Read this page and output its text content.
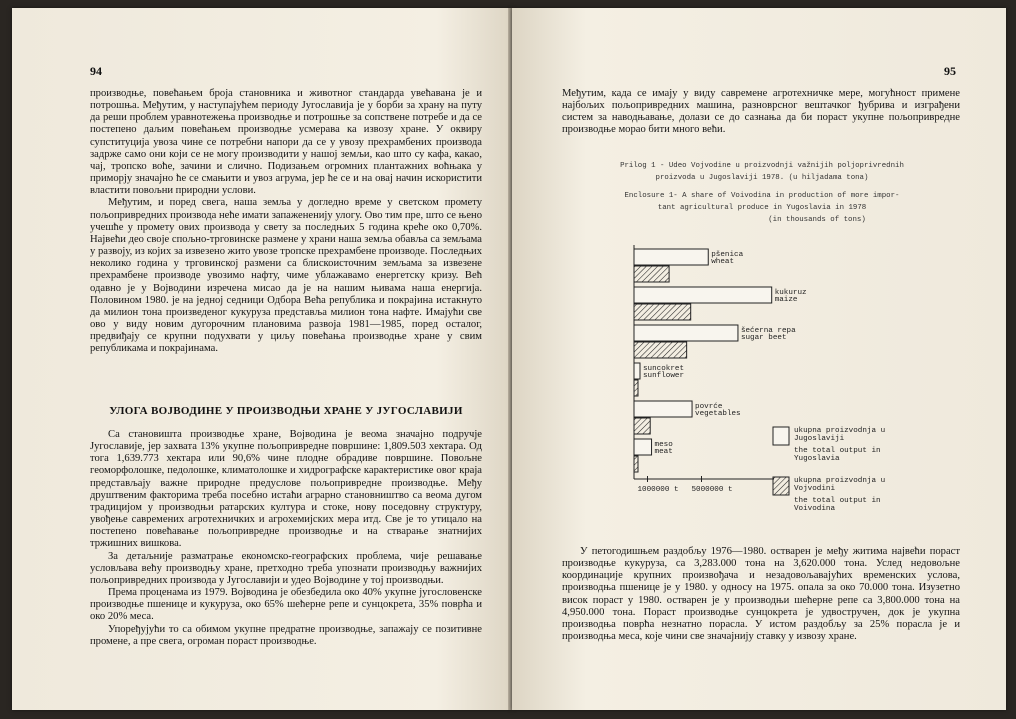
94

производње, повећањем броја становника и животног стандарда увећавана је и потрошња. Међутим, у наступајућем периоду Југославија је у борби за храну на путу да реши проблем уравнотежења производње и потрошње за сопствене потребе и да се постепено даљим повећањем производње усмерава ка извозу хране. У оквиру супституција увоза чине се потребни напори да се у увозу прехрамбених производа задрже само они који се не могу производити у нашој земљи, као што су кафа, какао, чај, тропско воће, зачини и слично. Подизањем огромних плантажних воћњака у приморју значајно ће се смањити и увоз агрума, јер ће се и на овај начин искористити властити повољни природни услови.

Међутим, и поред свега, наша земља у догледно време у светском промету пољопривредних производа неће имати запажененију улогу. Ово тим пре, што се њено учешће у промету ових производа у свету за последњих 5 година креће око 0,70%. Највећи део своје спољно-трговинске размене у храни наша земља обавља са земљама у развоју, из којих за извезено жито увозе тропске прехрамбене производе. Последњих неколико година у трговинској размени са блискоисточним земљама за извезене прехрамбене производе увозимо нафту, чиме ублажавамо енергетску кризу. Већ одавно је у Војводини изречена мисао да је на нашим њивама наша енергија. Половином 1980. је на једној седници Одбора Већа република и покрајина истакнуто да милион тона произведеног кукуруза представља милион тона нафте. Имајући све ово у виду новим дугорочним плановима развоја 1981—1985, поред осталог, предвиђају се крупни подухвати у циљу повећања производње хране у свим републикама и покрајинама.

УЛОГА ВОЈВОДИНЕ У ПРОИЗВОДЊИ ХРАНЕ У ЈУГОСЛАВИЈИ

Са становишта производње хране, Војводина је веома значајно подручје Југославије, јер захвата 13% укупне пољопривредне површине: 1,809.503 хектара. Од тога 1,639.773 хектара или 90,6% чине плодне обрадиве површине. Повољне геоморфолошке, педолошке, климатолошке и хидрографске карактеристике овог краја представљају важне природне предуслове пољопривредне производње. Међу друштвеним факторима треба посебно истаћи аграрно становништво са веома дугом традицијом у производњи ратарских култура и стоке, нову поседовну структуру, увођење савремених агротехничких и агрохемијских мера итд. Све је то утицало на постепено повећавање пољопривредне производње и на стварање знатнијих тржишних вишкова.

За детаљније разматрање економско-географских проблема, чије решавање условљава већу производњу хране, претходно треба упознати производњу важнијих пољопривредних производа у Југославији и удео Војводине у тој производњи.

Према проценама из 1979. Војводина је обезбедила око 40% укупне југословенске производње пшенице и кукуруза, око 65% шећерне репе и сунцокрета, 35% поврћа и око 20% меса.

Упоређујући то са обимом укупне предратне производње, запажају се позитивне промене, а пре свега, огроман пораст производње.

95

Међутим, када се имају у виду савремене агротехничке мере, могућност примене најбољих пољопривредних машина, разноврсног вештачког ђубрива и изграђени систем за наводњавање, долази се до сазнања да би пораст укупне пољопривредне производње морао бити много већи.

Prilog 1 - Udeo Vojvodine u proizvodnji važnijih poljoprivrednih
proizvoda u Jugoslaviji 1978. (u hiljadama tona)
Enclosure 1- A share of Voivodina in production of more impor-
tant agricultural produce in Yugoslavia in 1978
(in thousands of tons)
pšenica
wheat
kukuruz
maize
šećerna repa
sugar beet
suncokret
sunflower
povrće
vegetables
meso
meat
ukupna proizvodnja u
Jugoslaviji
the total output in
Yugoslavia
ukupna proizvodnja u
Vojvodini
the total output in
Voivodina
1000000 t 5000000 t

У петогодишњем раздобљу 1976—1980. остварен је међу житима највећи пораст производње кукуруза, са 3,283.000 тона на 3,620.000 тона. Услед недовољне координације крупних произвођача и незадовољавајућих временских услова, производња пшенице је у 1980. у односу на 1975. опала за око 70.000 тона. Изузетно висок пораст у 1980. остварен је у производњи шећерне репе са 3,800.000 тона на 4,950.000 тона. Пораст производње сунцокрета је удвостручен, док је укупна производња поврћа незнатно порасла. У истом раздобљу за 25% порасла је и производња меса, које чини све значајнију ставку у извозу хране.
